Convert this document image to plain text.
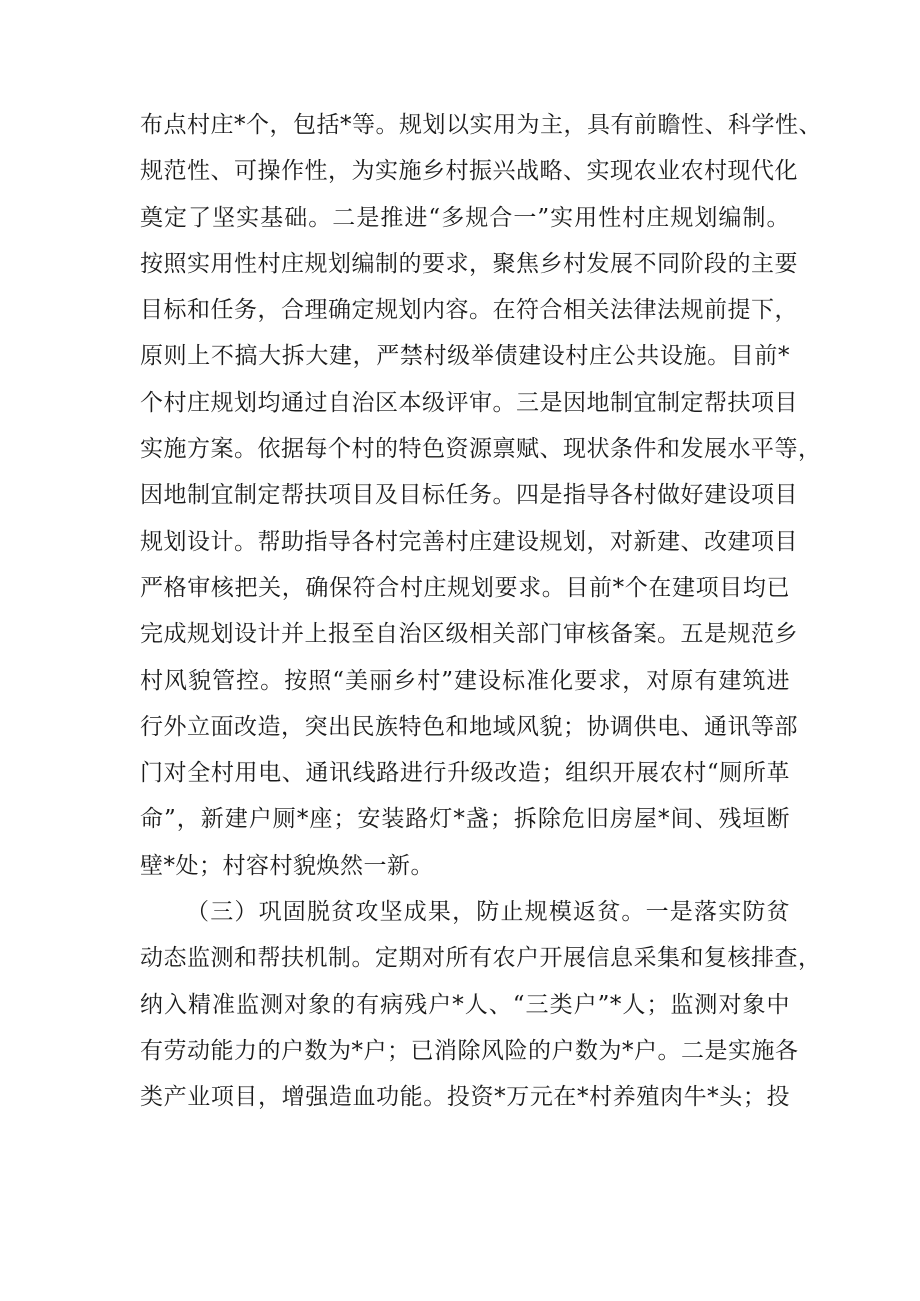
布点村庄*个，包括*等。规划以实用为主，具有前瞻性、科学性、
规范性、可操作性，为实施乡村振兴战略、实现农业农村现代化
奠定了坚实基础。二是推进“多规合一”实用性村庄规划编制。
按照实用性村庄规划编制的要求，聚焦乡村发展不同阶段的主要
目标和任务，合理确定规划内容。在符合相关法律法规前提下，
原则上不搞大拆大建，严禁村级举债建设村庄公共设施。目前*
个村庄规划均通过自治区本级评审。三是因地制宜制定帮扶项目
实施方案。依据每个村的特色资源禀赋、现状条件和发展水平等，
因地制宜制定帮扶项目及目标任务。四是指导各村做好建设项目
规划设计。帮助指导各村完善村庄建设规划，对新建、改建项目
严格审核把关，确保符合村庄规划要求。目前*个在建项目均已
完成规划设计并上报至自治区级相关部门审核备案。五是规范乡
村风貌管控。按照“美丽乡村”建设标准化要求，对原有建筑进
行外立面改造，突出民族特色和地域风貌；协调供电、通讯等部
门对全村用电、通讯线路进行升级改造；组织开展农村“厕所革
命”，新建户厕*座；安装路灯*盏；拆除危旧房屋*间、残垣断
壁*处；村容村貌焕然一新。
（三）巩固脱贫攻坚成果，防止规模返贫。一是落实防贫
动态监测和帮扶机制。定期对所有农户开展信息采集和复核排查，
纳入精准监测对象的有病残户*人、“三类户”*人；监测对象中
有劳动能力的户数为*户；已消除风险的户数为*户。二是实施各
类产业项目，增强造血功能。投资*万元在*村养殖肉牛*头；投
